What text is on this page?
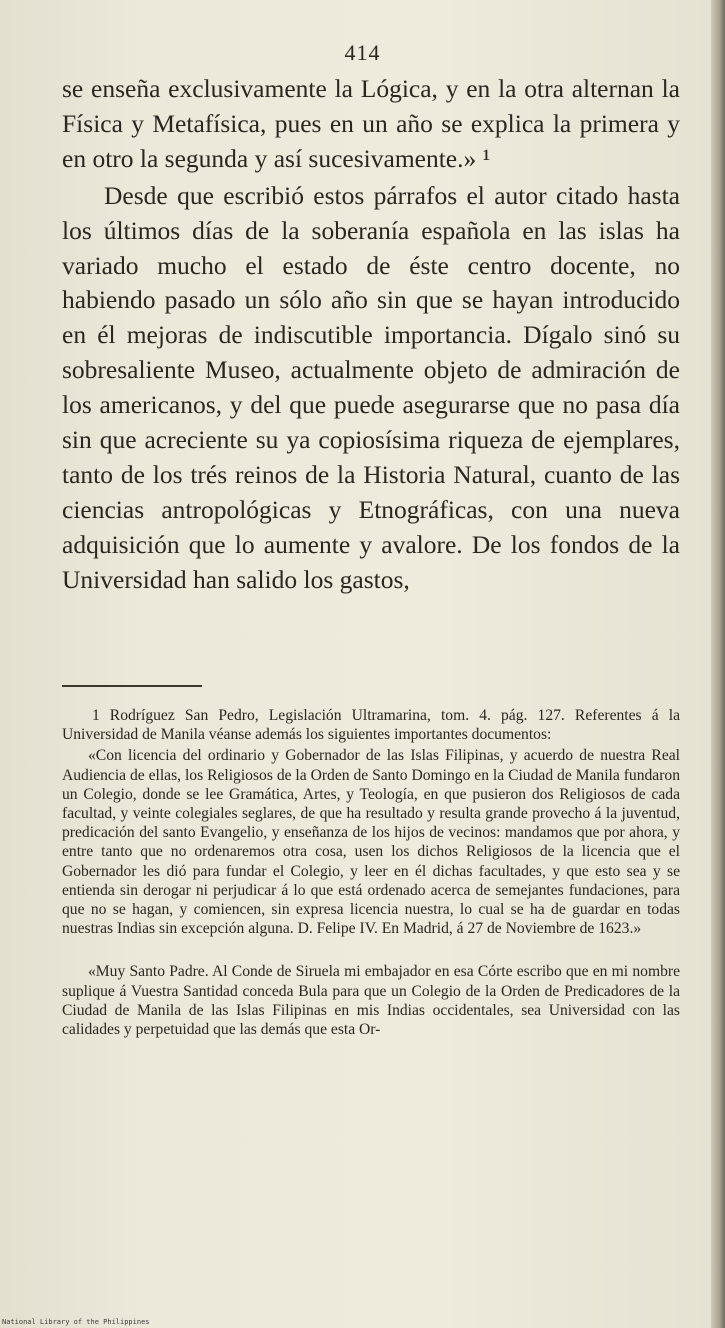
414

se enseña exclusivamente la Lógica, y en la otra alternan la Física y Metafísica, pues en un año se explica la primera y en otro la segunda y así sucesivamente.» ¹

Desde que escribió estos párrafos el autor citado hasta los últimos días de la soberanía española en las islas ha variado mucho el estado de éste centro docente, no habiendo pasado un sólo año sin que se hayan introducido en él mejoras de indiscutible importancia. Dígalo sinó su sobresaliente Museo, actualmente objeto de admiración de los americanos, y del que puede asegurarse que no pasa día sin que acreciente su ya copiosísima riqueza de ejemplares, tanto de los trés reinos de la Historia Natural, cuanto de las ciencias antropológicas y Etnográficas, con una nueva adquisición que lo aumente y avalore. De los fondos de la Universidad han salido los gastos,

1 Rodríguez San Pedro, Legislación Ultramarina, tom. 4. pág. 127. Referentes á la Universidad de Manila véanse además los siguientes importantes documentos:

«Con licencia del ordinario y Gobernador de las Islas Filipinas, y acuerdo de nuestra Real Audiencia de ellas, los Religiosos de la Orden de Santo Domingo en la Ciudad de Manila fundaron un Colegio, donde se lee Gramática, Artes, y Teología, en que pusieron dos Religiosos de cada facultad, y veinte colegiales seglares, de que ha resultado y resulta grande provecho á la juventud, predicación del santo Evangelio, y enseñanza de los hijos de vecinos: mandamos que por ahora, y entre tanto que no ordenaremos otra cosa, usen los dichos Religiosos de la licencia que el Gobernador les dió para fundar el Colegio, y leer en él dichas facultades, y que esto sea y se entienda sin derogar ni perjudicar á lo que está ordenado acerca de semejantes fundaciones, para que no se hagan, y comiencen, sin expresa licencia nuestra, lo cual se ha de guardar en todas nuestras Indias sin excepción alguna. D. Felipe IV. En Madrid, á 27 de Noviembre de 1623.»

«Muy Santo Padre. Al Conde de Siruela mi embajador en esa Córte escribo que en mi nombre suplique á Vuestra Santidad conceda Bula para que un Colegio de la Orden de Predicadores de la Ciudad de Manila de las Islas Filipinas en mis Indias occidentales, sea Universidad con las calidades y perpetuidad que las demás que esta Or-

National Library of the Philippines
